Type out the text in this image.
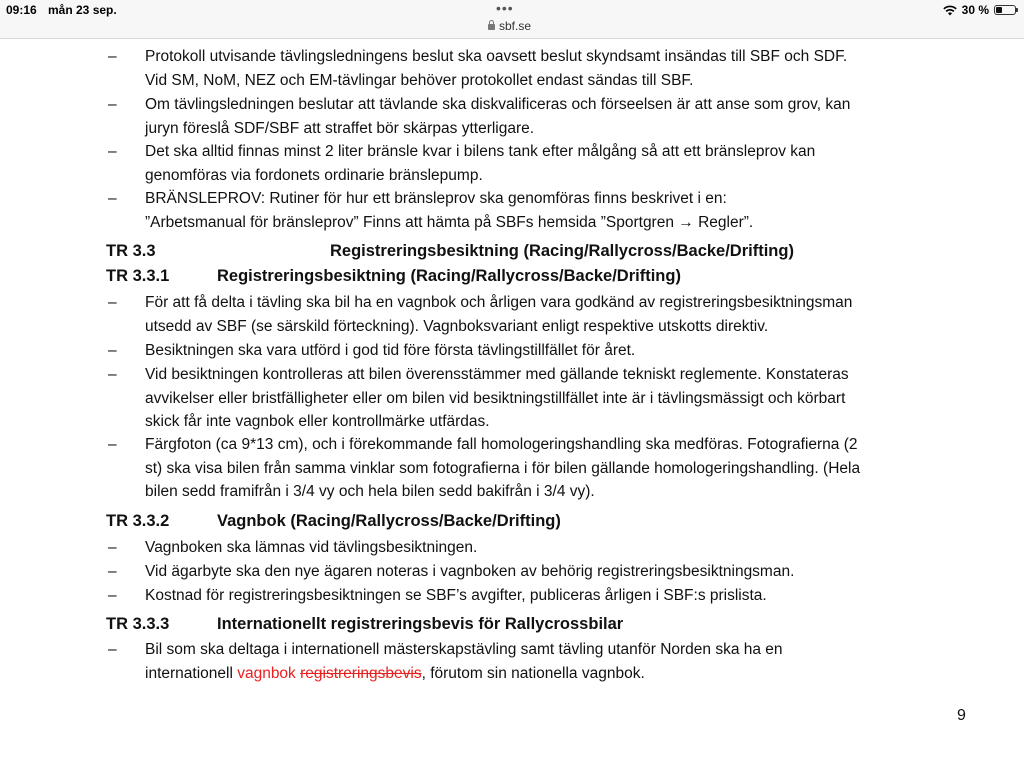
09:16 mån 23 sep.	•••
sbf.se
30 %
–	Protokoll utvisande tävlingsledningens beslut ska oavsett beslut skyndsamt insändas till SBF och SDF.
Vid SM, NoM, NEZ och EM-tävlingar behöver protokollet endast sändas till SBF.
–	Om tävlingsledningen beslutar att tävlande ska diskvalificeras och förseelsen är att anse som grov, kan
juryn föreslå SDF/SBF att straffet bör skärpas ytterligare.
–	Det ska alltid finnas minst 2 liter bränsle kvar i bilens tank efter målgång så att ett bränsleprov kan
genomföras via fordonets ordinarie bränslepump.
–	BRÄNSLEPROV: Rutiner för hur ett bränsleprov ska genomföras finns beskrivet i en:
”Arbetsmanual för bränsleprov” Finns att hämta på SBFs hemsida ”Sportgren → Regler”.
TR 3.3	Registreringsbesiktning (Racing/Rallycross/Backe/Drifting)
TR 3.3.1	Registreringsbesiktning (Racing/Rallycross/Backe/Drifting)
–	För att få delta i tävling ska bil ha en vagnbok och årligen vara godkänd av registreringsbesiktningsman
utsedd av SBF (se särskild förteckning). Vagnboksvariant enligt respektive utskotts direktiv.
–	Besiktningen ska vara utförd i god tid före första tävlingstillfället för året.
–	Vid besiktningen kontrolleras att bilen överensstämmer med gällande tekniskt reglemente. Konstateras
avvikelser eller bristfälligheter eller om bilen vid besiktningstillfället inte är i tävlingsmässigt och körbart
skick får inte vagnbok eller kontrollmärke utfärdas.
–	Färgfoton (ca 9*13 cm), och i förekommande fall homologeringshandling ska medföras. Fotografierna (2
st) ska visa bilen från samma vinklar som fotografierna i för bilen gällande homologeringshandling. (Hela
bilen sedd framifrån i 3/4 vy och hela bilen sedd bakifrån i 3/4 vy).
TR 3.3.2	Vagnbok (Racing/Rallycross/Backe/Drifting)
–	Vagnboken ska lämnas vid tävlingsbesiktningen.
–	Vid ägarbyte ska den nye ägaren noteras i vagnboken av behörig registreringsbesiktningsman.
–	Kostnad för registreringsbesiktningen se SBF’s avgifter, publiceras årligen i SBF:s prislista.
TR 3.3.3	Internationellt registreringsbevis för Rallycrossbilar
–	Bil som ska deltaga i internationell mästerskapstävling samt tävling utanför Norden ska ha en
internationell vagnbok registreringsbevis, förutom sin nationella vagnbok.
9
